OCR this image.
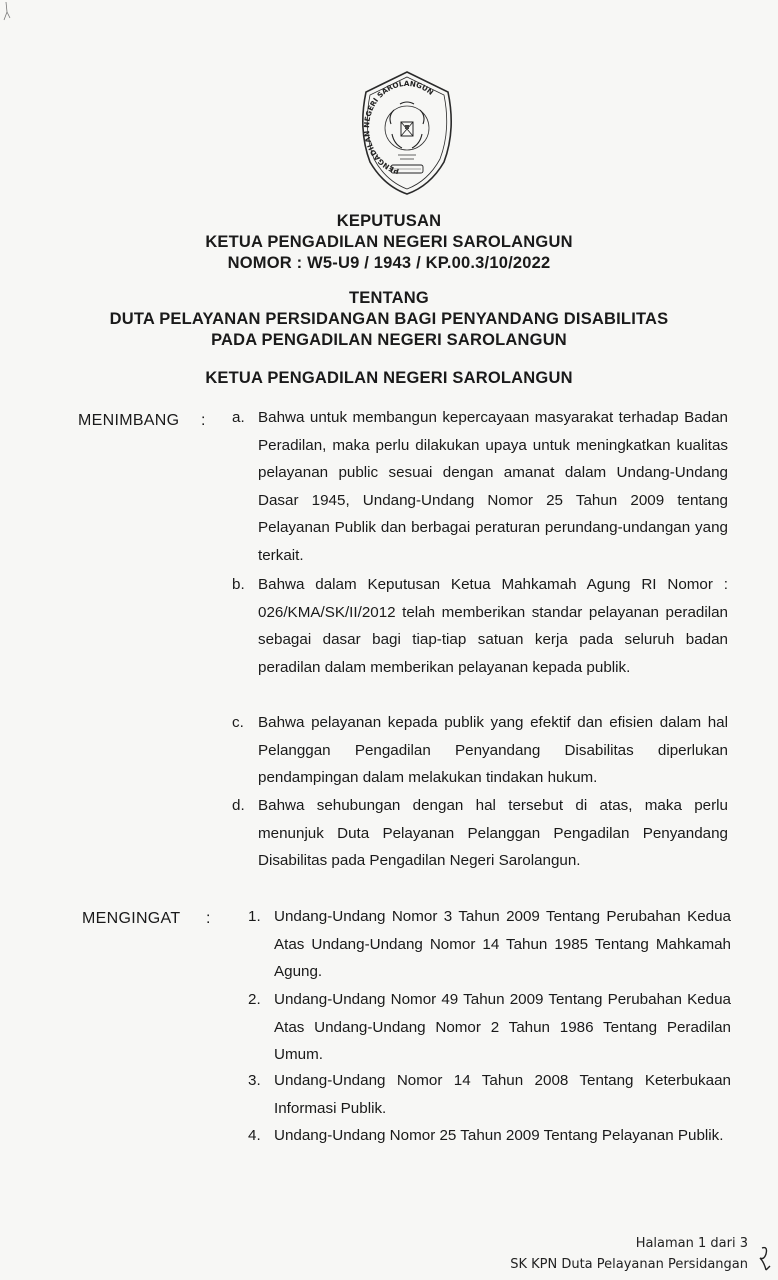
PENGADILAN NEGERI SAROLANGUN
KEPUTUSAN
KETUA PENGADILAN NEGERI SAROLANGUN
NOMOR : W5-U9 / 1943 / KP.00.3/10/2022
TENTANG
DUTA PELAYANAN PERSIDANGAN BAGI PENYANDANG DISABILITAS
PADA PENGADILAN NEGERI SAROLANGUN
KETUA PENGADILAN NEGERI SAROLANGUN
MENIMBANG : a. Bahwa untuk membangun kepercayaan masyarakat terhadap Badan Peradilan, maka perlu dilakukan upaya untuk meningkatkan kualitas pelayanan public sesuai dengan amanat dalam Undang-Undang Dasar 1945, Undang-Undang Nomor 25 Tahun 2009 tentang Pelayanan Publik dan berbagai peraturan perundang-undangan yang terkait.
b. Bahwa dalam Keputusan Ketua Mahkamah Agung RI Nomor : 026/KMA/SK/II/2012 telah memberikan standar pelayanan peradilan sebagai dasar bagi tiap-tiap satuan kerja pada seluruh badan peradilan dalam memberikan pelayanan kepada publik.
c. Bahwa pelayanan kepada publik yang efektif dan efisien dalam hal Pelanggan Pengadilan Penyandang Disabilitas diperlukan pendampingan dalam melakukan tindakan hukum.
d. Bahwa sehubungan dengan hal tersebut di atas, maka perlu menunjuk Duta Pelayanan Pelanggan Pengadilan Penyandang Disabilitas pada Pengadilan Negeri Sarolangun.
MENGINGAT : 1. Undang-Undang Nomor 3 Tahun 2009 Tentang Perubahan Kedua Atas Undang-Undang Nomor 14 Tahun 1985 Tentang Mahkamah Agung.
2. Undang-Undang Nomor 49 Tahun 2009 Tentang Perubahan Kedua Atas Undang-Undang Nomor 2 Tahun 1986 Tentang Peradilan Umum.
3. Undang-Undang Nomor 14 Tahun 2008 Tentang Keterbukaan Informasi Publik.
4. Undang-Undang Nomor 25 Tahun 2009 Tentang Pelayanan Publik.
Halaman 1 dari 3
SK KPN Duta Pelayanan Persidangan
